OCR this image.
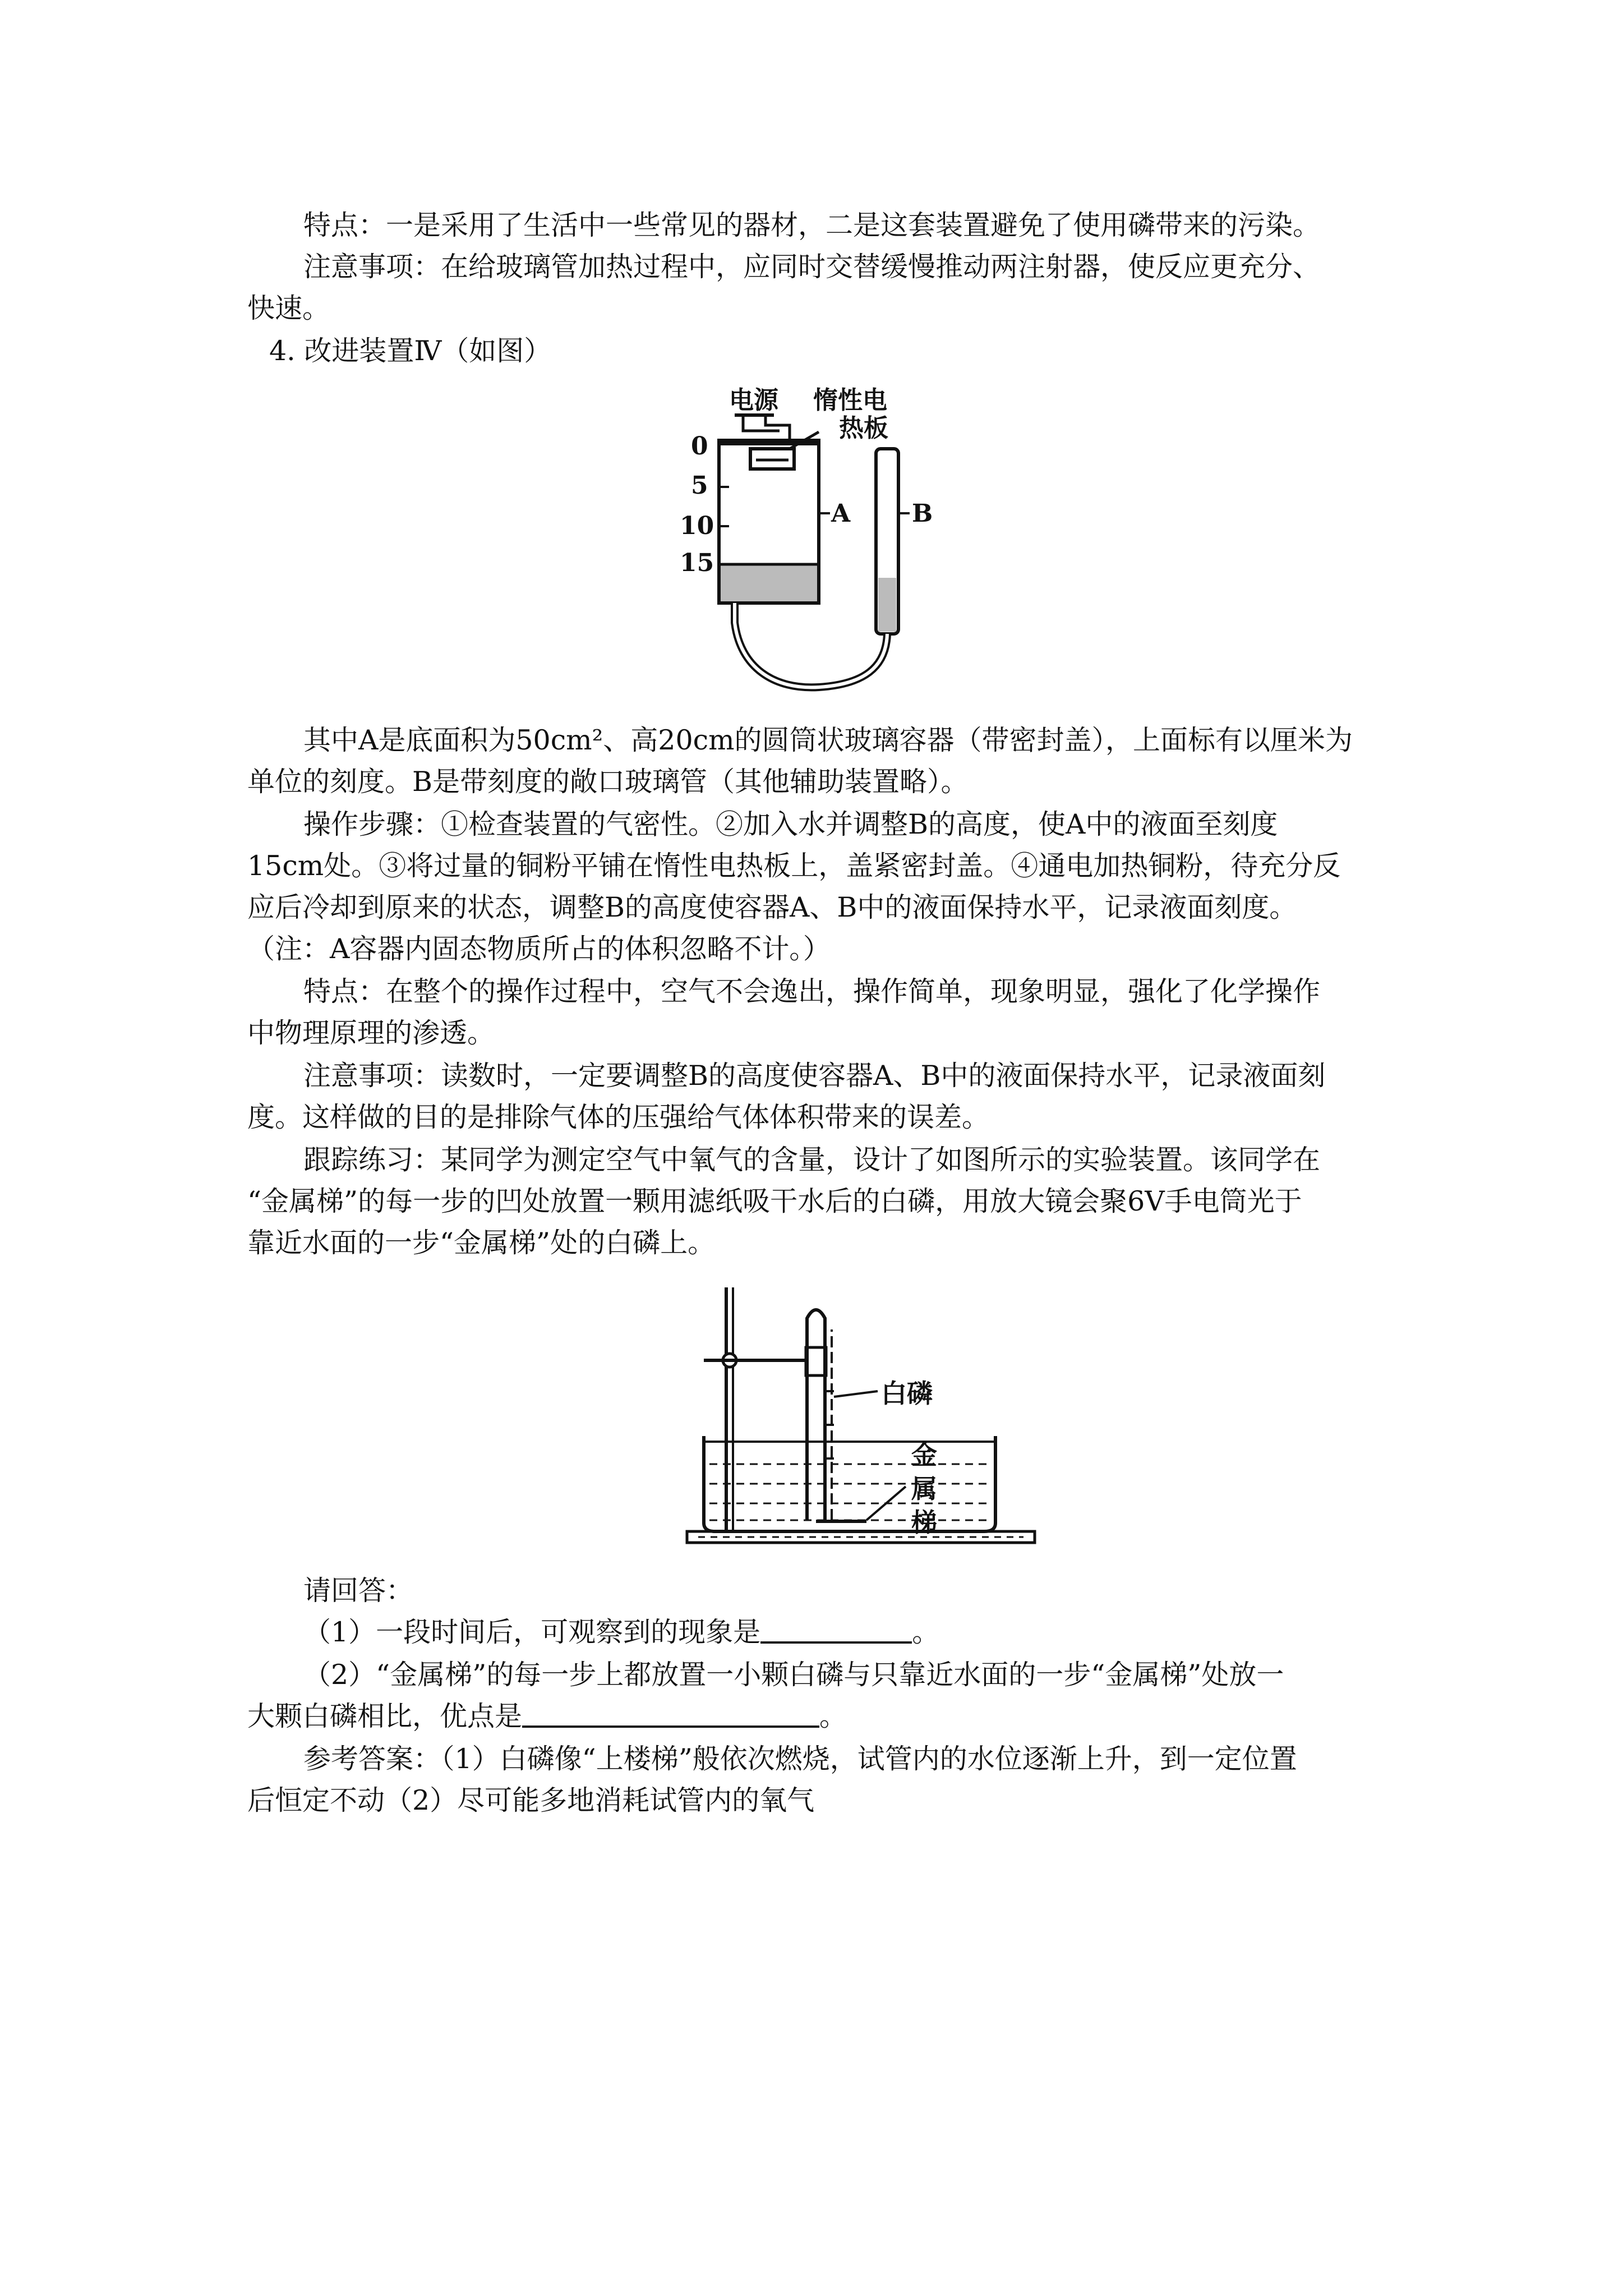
特点：一是采用了生活中一些常见的器材，二是这套装置避免了使用磷带来的污染。
注意事项：在给玻璃管加热过程中，应同时交替缓慢推动两注射器，使反应更充分、
快速。
4. 改进装置Ⅳ（如图）
电源 惰性电
热板
0
5
10
15
A B
其中A是底面积为50cm²、高20cm的圆筒状玻璃容器（带密封盖），上面标有以厘米为
单位的刻度。B是带刻度的敞口玻璃管（其他辅助装置略）。
操作步骤：①检查装置的气密性。②加入水并调整B的高度，使A中的液面至刻度
15cm处。③将过量的铜粉平铺在惰性电热板上，盖紧密封盖。④通电加热铜粉，待充分反
应后冷却到原来的状态，调整B的高度使容器A、B中的液面保持水平，记录液面刻度。
（注：A容器内固态物质所占的体积忽略不计。）
特点：在整个的操作过程中，空气不会逸出，操作简单，现象明显，强化了化学操作
中物理原理的渗透。
注意事项：读数时，一定要调整B的高度使容器A、B中的液面保持水平，记录液面刻
度。这样做的目的是排除气体的压强给气体体积带来的误差。
跟踪练习：某同学为测定空气中氧气的含量，设计了如图所示的实验装置。该同学在
“金属梯”的每一步的凹处放置一颗用滤纸吸干水后的白磷，用放大镜会聚6V手电筒光于
靠近水面的一步“金属梯”处的白磷上。
白磷
金
属
梯
请回答：
（1）一段时间后，可观察到的现象是	。
（2）“金属梯”的每一步上都放置一小颗白磷与只靠近水面的一步“金属梯”处放一
大颗白磷相比，优点是	。
参考答案：（1）白磷像“上楼梯”般依次燃烧，试管内的水位逐渐上升，到一定位置
后恒定不动（2）尽可能多地消耗试管内的氧气
